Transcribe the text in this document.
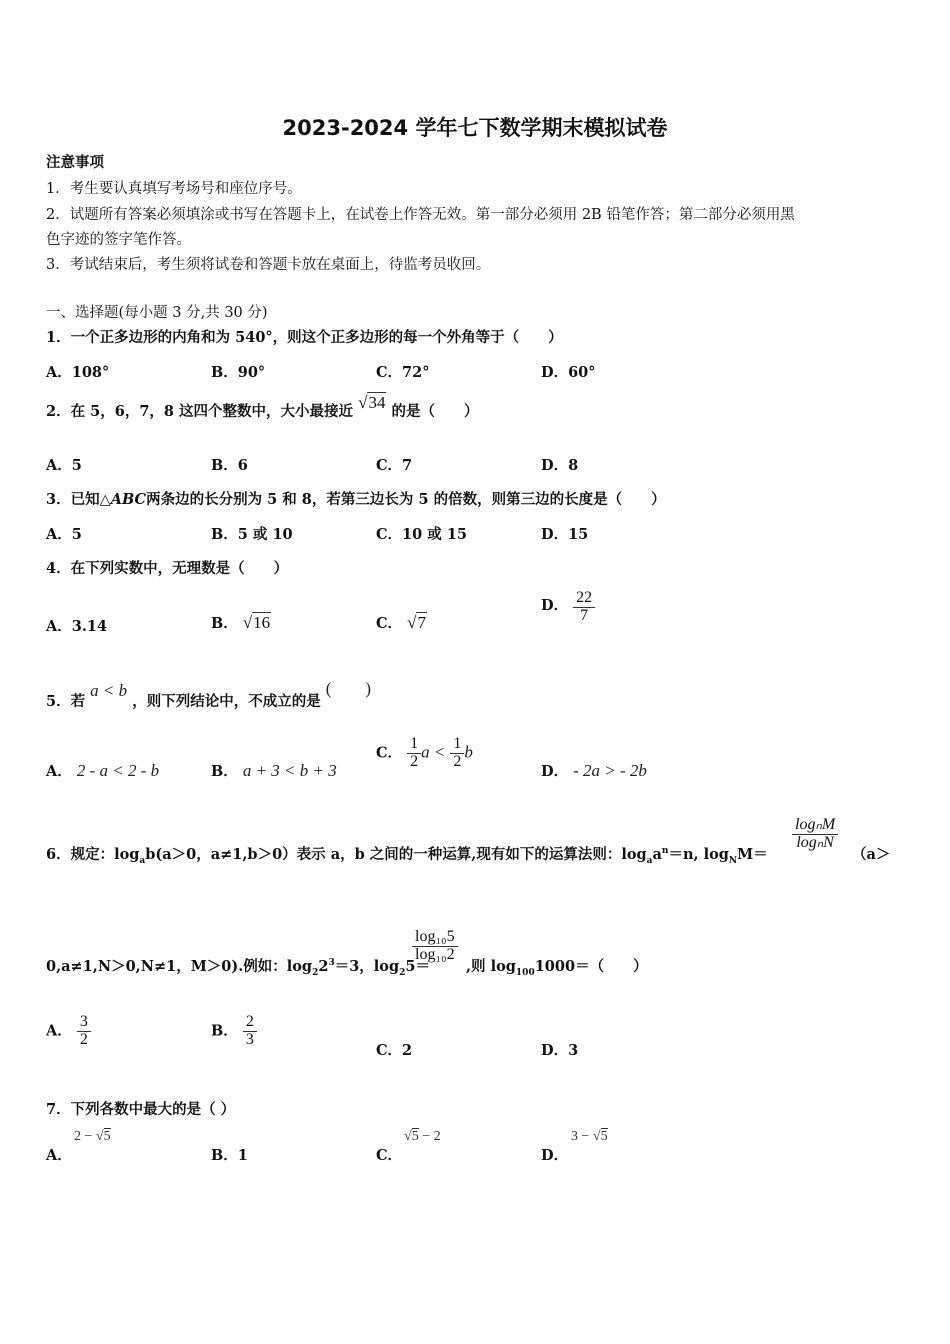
2023-2024 学年七下数学期末模拟试卷
注意事项
1．考生要认真填写考场号和座位序号。
2．试题所有答案必须填涂或书写在答题卡上，在试卷上作答无效。第一部分必须用 2B 铅笔作答；第二部分必须用黑
色字迹的签字笔作答。
3．考试结束后，考生须将试卷和答题卡放在桌面上，待监考员收回。
一、选择题(每小题 3 分,共 30 分)
1．一个正多边形的内角和为 540°，则这个正多边形的每一个外角等于（　　）
A．108°	B．90°	C．72°	D．60°
2．在 5，6，7，8 这四个整数中，大小最接近 √34 的是（　　）
A．5	B．6	C．7	D．8
3．已知△ABC两条边的长分别为 5 和 8，若第三边长为 5 的倍数，则第三边的长度是（　　）
A．5	B．5 或 10	C．10 或 15	D．15
4．在下列实数中，无理数是（　　）
A．3.14	B． √16	C． √7
D． $\frac{22}{7}$
5．若 a < b ，则下列结论中，不成立的是 (　　)
A． 2 - a < 2 - b	B． a + 3 < b + 3
C． $\frac{1}{2}$ $a < \frac{1}{2}$ b
D． - 2a > - 2b
6．规定：$\log_ab(a>0$，a≠1,b＞0）表示 a，b 之间的一种运算,现有如下的运算法则：$\log_aa^n=n$, $\log_NM=$
$\frac{\text{logₙM}}{\text{logₙN}}$
（a＞
0,a≠1,N＞0,N≠1，M＞0).例如：$\log_22^3=3$，$\log_25=$
$\frac{\text{log₁₀5}}{\text{log₁₀2}}$
,则 $\log_{100}1000=$（　　）
A． $\frac{3}{2}$	B． $\frac{2}{3}$
C．2	D．3
7．下列各数中最大的是（ ）
A．
2 − √5
B．1	C．
√5 − 2
D．
3 − √5
